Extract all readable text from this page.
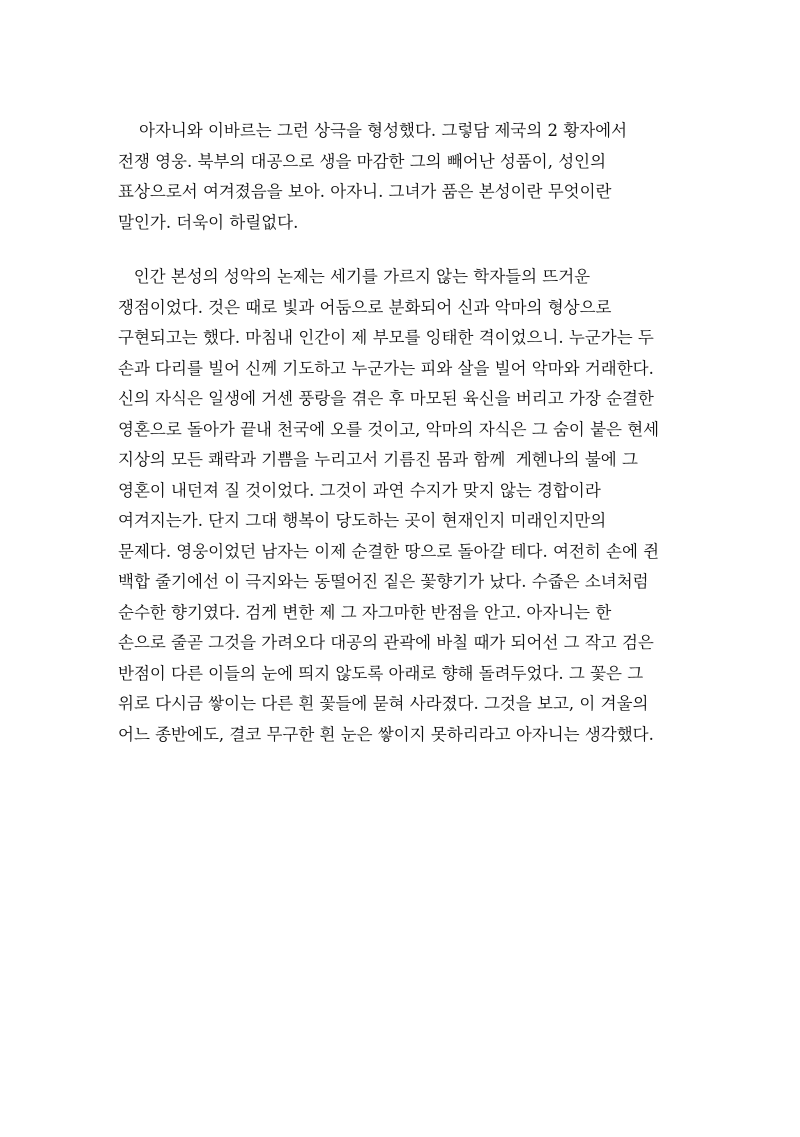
아자니와 이바르는 그런 상극을 형성했다. 그렇담 제국의 2 황자에서
전쟁 영웅. 북부의 대공으로 생을 마감한 그의 빼어난 성품이, 성인의
표상으로서 여겨졌음을 보아. 아자니. 그녀가 품은 본성이란 무엇이란
말인가. 더욱이 하릴없다.
인간 본성의 성악의 논제는 세기를 가르지 않는 학자들의 뜨거운
쟁점이었다. 것은 때로 빛과 어둠으로 분화되어 신과 악마의 형상으로
구현되고는 했다. 마침내 인간이 제 부모를 잉태한 격이었으니. 누군가는 두
손과 다리를 빌어 신께 기도하고 누군가는 피와 살을 빌어 악마와 거래한다.
신의 자식은 일생에 거센 풍랑을 겪은 후 마모된 육신을 버리고 가장 순결한
영혼으로 돌아가 끝내 천국에 오를 것이고, 악마의 자식은 그 숨이 붙은 현세
지상의 모든 쾌락과 기쁨을 누리고서 기름진 몸과 함께  게헨나의 불에 그
영혼이 내던져 질 것이었다. 그것이 과연 수지가 맞지 않는 경합이라
여겨지는가. 단지 그대 행복이 당도하는 곳이 현재인지 미래인지만의
문제다. 영웅이었던 남자는 이제 순결한 땅으로 돌아갈 테다. 여전히 손에 쥔
백합 줄기에선 이 극지와는 동떨어진 짙은 꽃향기가 났다. 수줍은 소녀처럼
순수한 향기였다. 검게 변한 제 그 자그마한 반점을 안고. 아자니는 한
손으로 줄곧 그것을 가려오다 대공의 관곽에 바칠 때가 되어선 그 작고 검은
반점이 다른 이들의 눈에 띄지 않도록 아래로 향해 돌려두었다. 그 꽃은 그
위로 다시금 쌓이는 다른 흰 꽃들에 묻혀 사라졌다. 그것을 보고, 이 겨울의
어느 종반에도, 결코 무구한 흰 눈은 쌓이지 못하리라고 아자니는 생각했다.
